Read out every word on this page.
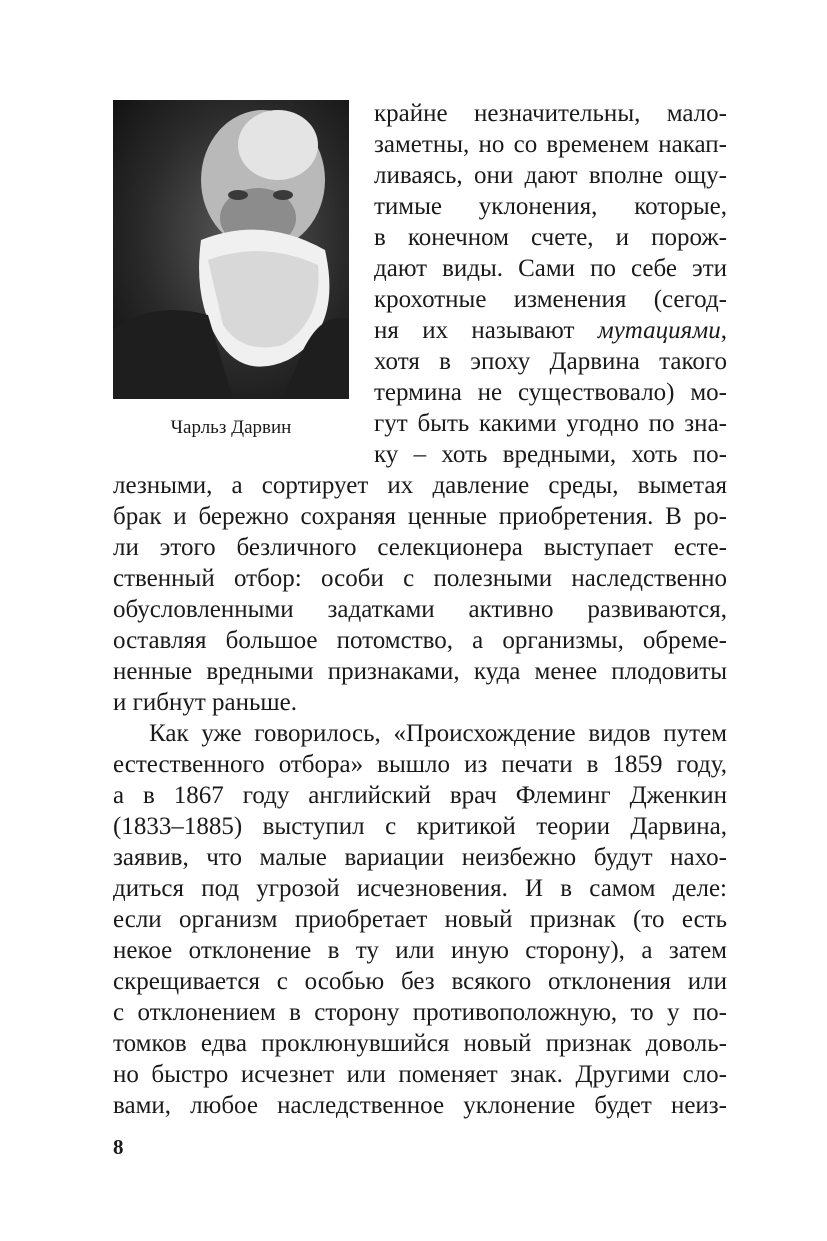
Чарльз Дарвин
крайне незначительны, мало-
заметны, но со временем накап-
ливаясь, они дают вполне ощу-
тимые уклонения, которые,
в конечном счете, и порож-
дают виды. Сами по себе эти
крохотные изменения (сегод-
ня их называют мутациями,
хотя в эпоху Дарвина такого
термина не существовало) мо-
гут быть какими угодно по зна-
ку – хоть вредными, хоть по-
лезными, а сортирует их давление среды, выметая
брак и бережно сохраняя ценные приобретения. В ро-
ли этого безличного селекционера выступает есте-
ственный отбор: особи с полезными наследственно
обусловленными задатками активно развиваются,
оставляя большое потомство, а организмы, обреме-
ненные вредными признаками, куда менее плодовиты
и гибнут раньше.
Как уже говорилось, «Происхождение видов путем
естественного отбора» вышло из печати в 1859 году,
а в 1867 году английский врач Флеминг Дженкин
(1833–1885) выступил с критикой теории Дарвина,
заявив, что малые вариации неизбежно будут нахо-
диться под угрозой исчезновения. И в самом деле:
если организм приобретает новый признак (то есть
некое отклонение в ту или иную сторону), а затем
скрещивается с особью без всякого отклонения или
с отклонением в сторону противоположную, то у по-
томков едва проклюнувшийся новый признак доволь-
но быстро исчезнет или поменяет знак. Другими сло-
вами, любое наследственное уклонение будет неиз-
8
